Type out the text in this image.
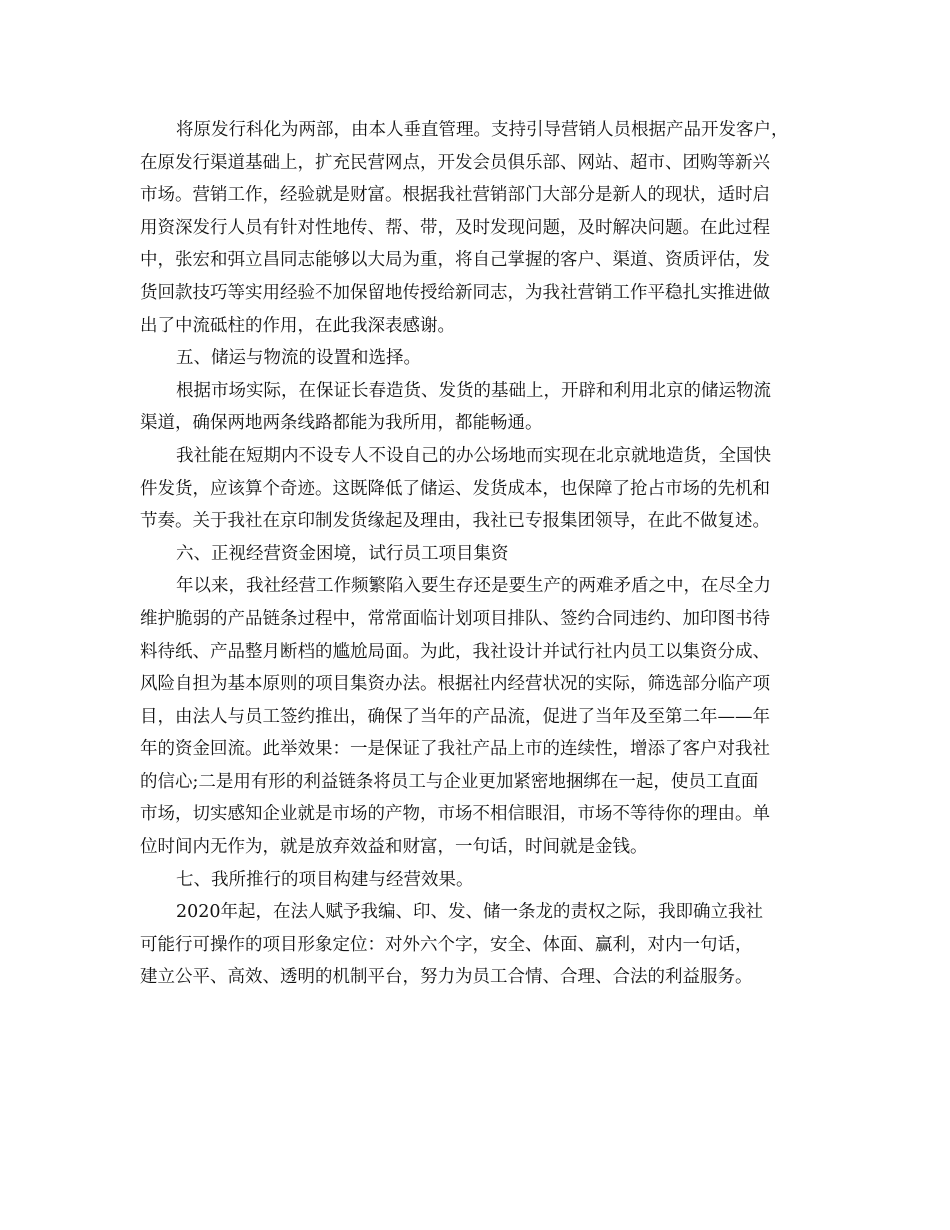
将原发行科化为两部，由本人垂直管理。支持引导营销人员根据产品开发客户，
在原发行渠道基础上，扩充民营网点，开发会员俱乐部、网站、超市、团购等新兴
市场。营销工作，经验就是财富。根据我社营销部门大部分是新人的现状，适时启
用资深发行人员有针对性地传、帮、带，及时发现问题，及时解决问题。在此过程
中，张宏和弭立昌同志能够以大局为重，将自己掌握的客户、渠道、资质评估，发
货回款技巧等实用经验不加保留地传授给新同志，为我社营销工作平稳扎实推进做
出了中流砥柱的作用，在此我深表感谢。
五、储运与物流的设置和选择。
根据市场实际，在保证长春造货、发货的基础上，开辟和利用北京的储运物流
渠道，确保两地两条线路都能为我所用，都能畅通。
我社能在短期内不设专人不设自己的办公场地而实现在北京就地造货，全国快
件发货，应该算个奇迹。这既降低了储运、发货成本，也保障了抢占市场的先机和
节奏。关于我社在京印制发货缘起及理由，我社已专报集团领导，在此不做复述。
六、正视经营资金困境，试行员工项目集资
年以来，我社经营工作频繁陷入要生存还是要生产的两难矛盾之中，在尽全力
维护脆弱的产品链条过程中，常常面临计划项目排队、签约合同违约、加印图书待
料待纸、产品整月断档的尴尬局面。为此，我社设计并试行社内员工以集资分成、
风险自担为基本原则的项目集资办法。根据社内经营状况的实际，筛选部分临产项
目，由法人与员工签约推出，确保了当年的产品流，促进了当年及至第二年——年
年的资金回流。此举效果：一是保证了我社产品上市的连续性，增添了客户对我社
的信心;二是用有形的利益链条将员工与企业更加紧密地捆绑在一起，使员工直面
市场，切实感知企业就是市场的产物，市场不相信眼泪，市场不等待你的理由。单
位时间内无作为，就是放弃效益和财富，一句话，时间就是金钱。
七、我所推行的项目构建与经营效果。
2020年起，在法人赋予我编、印、发、储一条龙的责权之际，我即确立我社
可能行可操作的项目形象定位：对外六个字，安全、体面、赢利，对内一句话，
建立公平、高效、透明的机制平台，努力为员工合情、合理、合法的利益服务。
